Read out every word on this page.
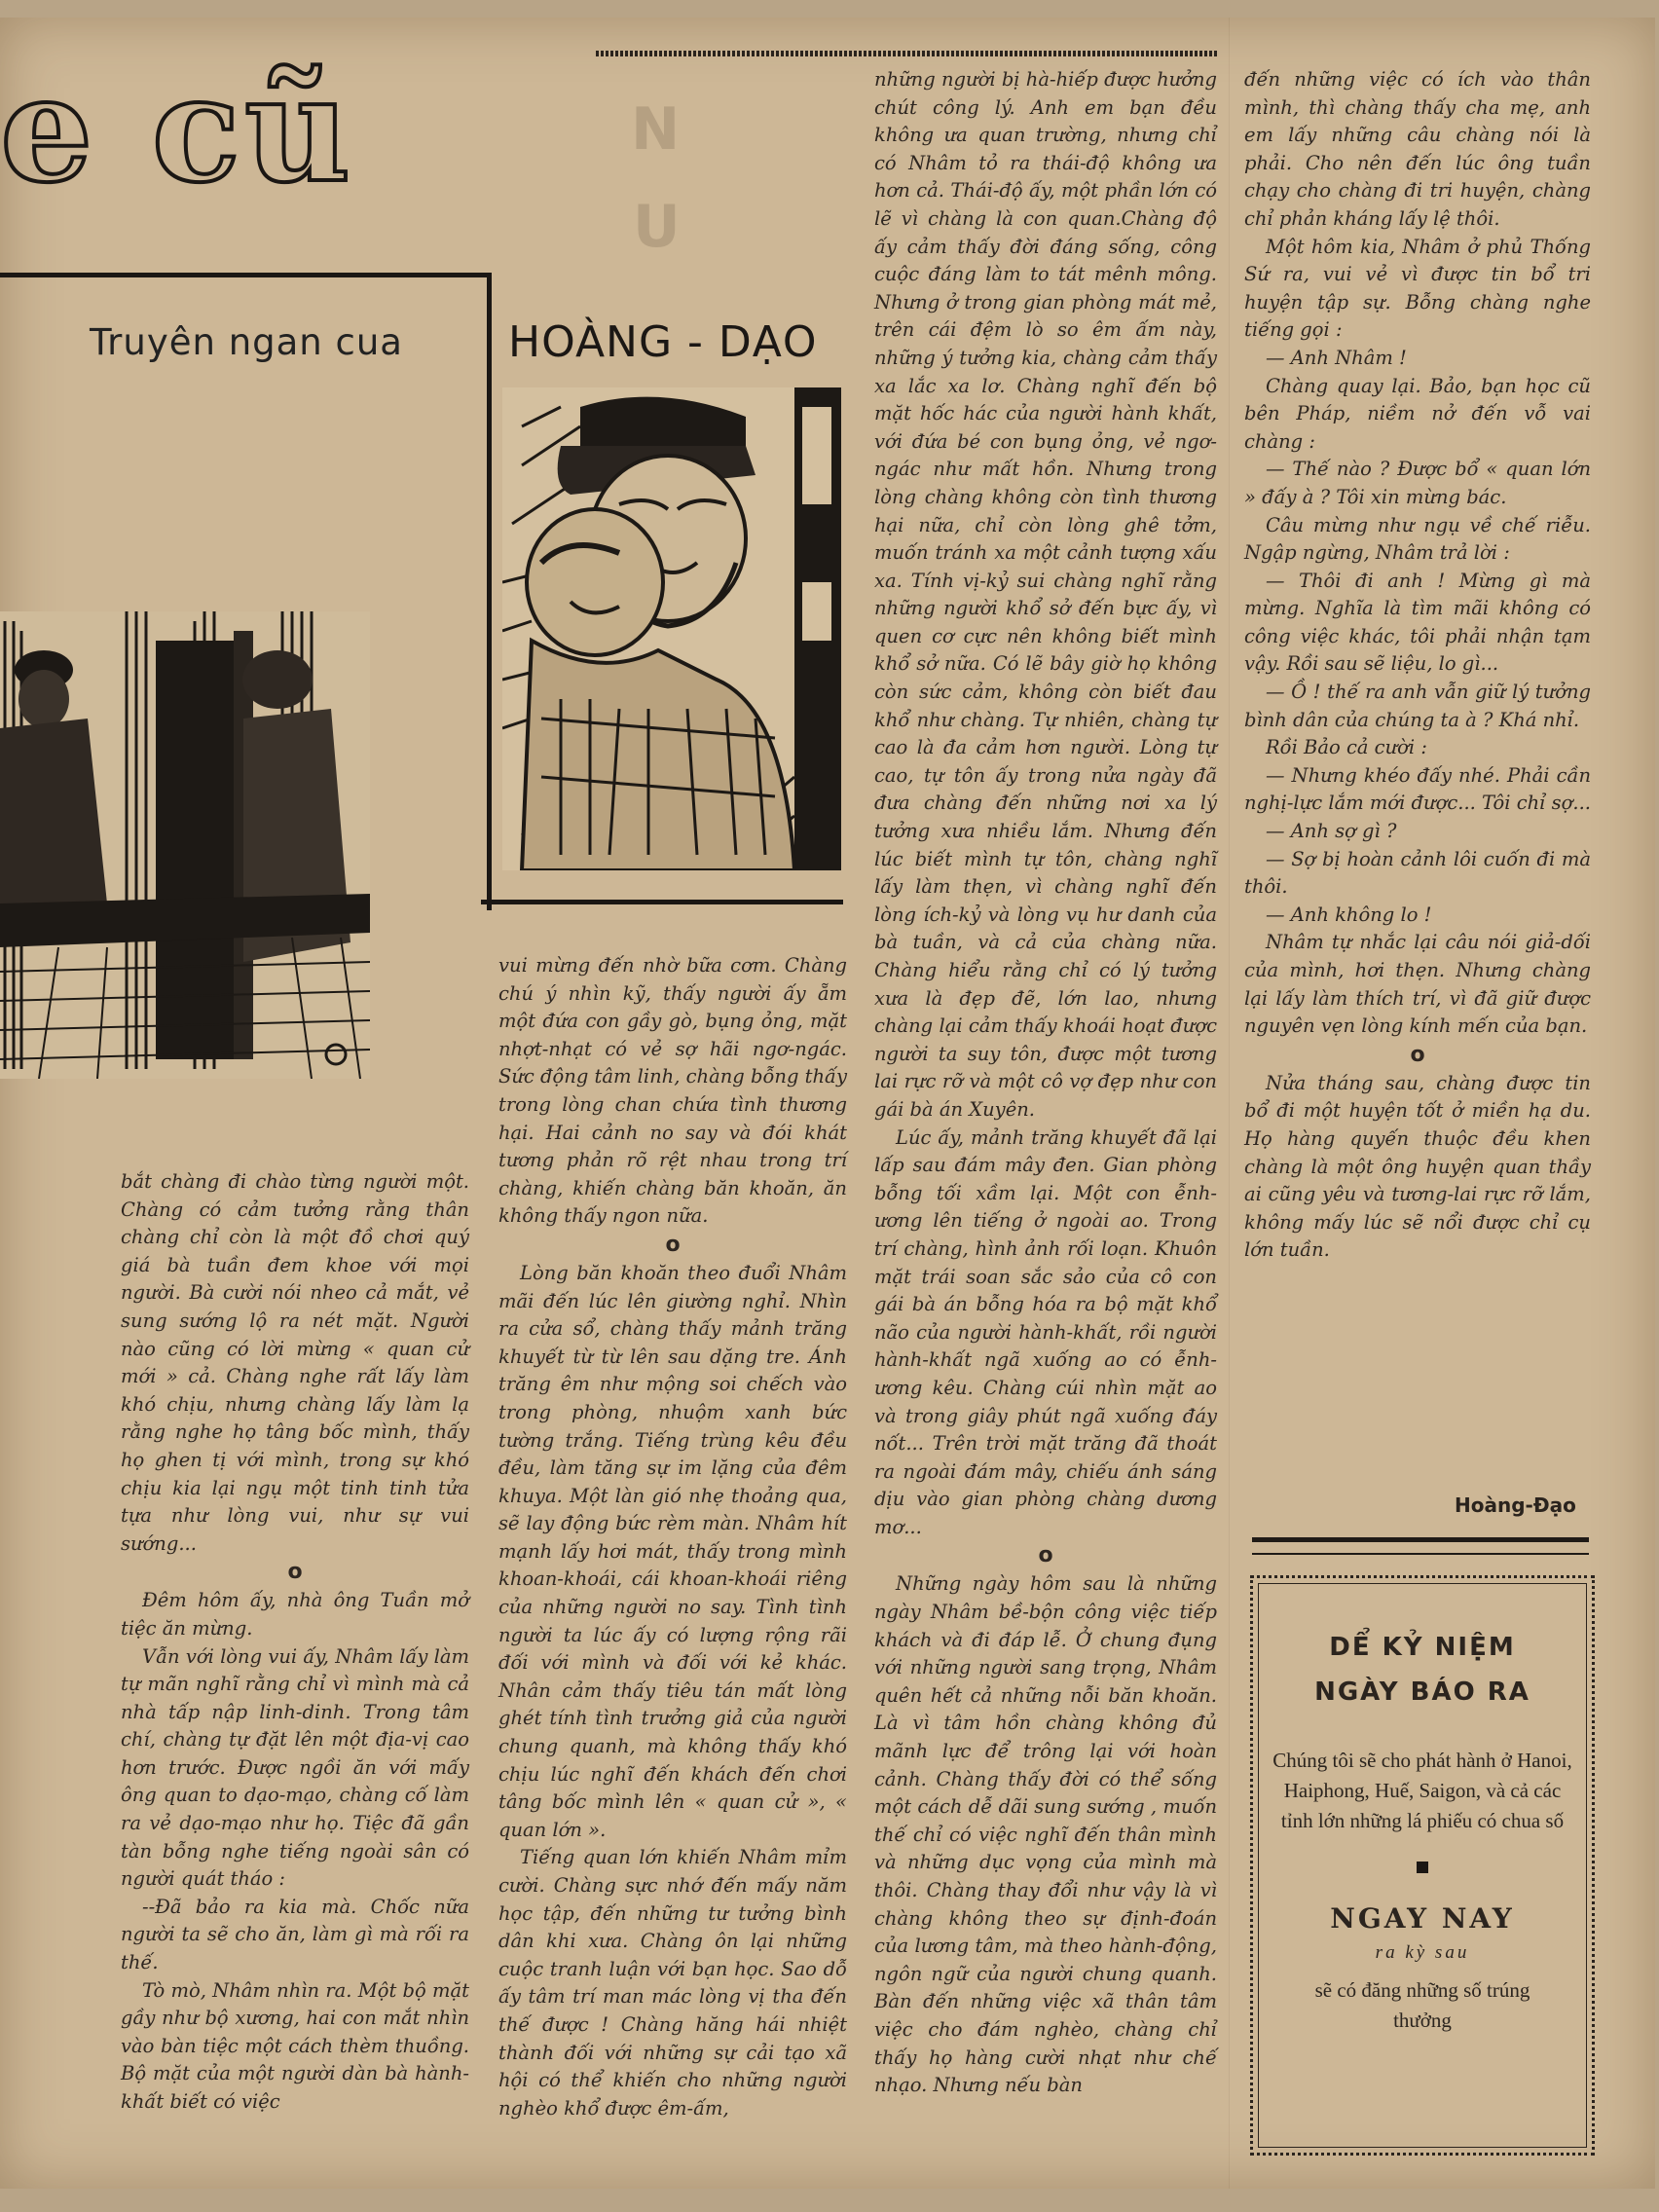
e cũ	N
U
Truyên ngan cua HOÀNG - DẠO

bắt chàng đi chào từng người một. Chàng có cảm tưởng rằng thân chàng chỉ còn là một đồ chơi quý giá bà tuần đem khoe với mọi người. Bà cười nói nheo cả mắt, vẻ sung sướng lộ ra nét mặt. Người nào cũng có lời mừng « quan cử mới » cả. Chàng nghe rất lấy làm khó chịu, nhưng chàng lấy làm lạ rằng nghe họ tâng bốc mình, thấy họ ghen tị với mình, trong sự khó chịu kia lại ngụ một tinh tinh tửa tựa như lòng vui, như sự vui sướng...

o

Đêm hôm ấy, nhà ông Tuần mở tiệc ăn mừng.

Vẫn với lòng vui ấy, Nhâm lấy làm tự mãn nghĩ rằng chỉ vì mình mà cả nhà tấp nập linh-dinh. Trong tâm chí, chàng tự đặt lên một địa-vị cao hơn trước. Được ngồi ăn với mấy ông quan to dạo-mạo, chàng cố làm ra vẻ dạo-mạo như họ. Tiệc đã gần tàn bỗng nghe tiếng ngoài sân có người quát tháo :

--Đã bảo ra kia mà. Chốc nữa người ta sẽ cho ăn, làm gì mà rối ra thế.

Tò mò, Nhâm nhìn ra. Một bộ mặt gầy như bộ xương, hai con mắt nhìn vào bàn tiệc một cách thèm thuồng. Bộ mặt của một người dàn bà hành-khất biết có việc

vui mừng đến nhờ bữa cơm. Chàng chú ý nhìn kỹ, thấy người ấy ẵm một đứa con gầy gò, bụng ỏng, mặt nhợt-nhạt có vẻ sợ hãi ngơ-ngác. Sức động tâm linh, chàng bỗng thấy trong lòng chan chứa tình thương hại. Hai cảnh no say và đói khát tương phản rõ rệt nhau trong trí chàng, khiến chàng băn khoăn, ăn không thấy ngon nữa.

o

Lòng băn khoăn theo đuổi Nhâm mãi đến lúc lên giường nghỉ. Nhìn ra cửa sổ, chàng thấy mảnh trăng khuyết từ từ lên sau dặng tre. Ánh trăng êm như mộng soi chếch vào trong phòng, nhuộm xanh bức tường trắng. Tiếng trùng kêu đều đều, làm tăng sự im lặng của đêm khuya. Một làn gió nhẹ thoảng qua, sẽ lay động bức rèm màn. Nhâm hít mạnh lấy hơi mát, thấy trong mình khoan-khoái, cái khoan-khoái riêng của những người no say. Tình tình người ta lúc ấy có lượng rộng rãi đối với mình và đối với kẻ khác. Nhân cảm thấy tiêu tán mất lòng ghét tính tình trưởng giả của người chung quanh, mà không thấy khó chịu lúc nghĩ đến khách đến chơi tâng bốc mình lên « quan cử », « quan lớn ».

Tiếng quan lớn khiến Nhâm mỉm cười. Chàng sực nhớ đến mấy năm học tập, đến những tư tưởng bình dân khi xưa. Chàng ôn lại những cuộc tranh luận với bạn học. Sao dỗ ấy tâm trí man mác lòng vị tha đến thế được ! Chàng hăng hái nhiệt thành đối với những sự cải tạo xã hội có thể khiến cho những người nghèo khổ được êm-ấm,

những người bị hà-hiếp được hưởng chút công lý. Anh em bạn đều không ưa quan trường, nhưng chỉ có Nhâm tỏ ra thái-độ không ưa hơn cả. Thái-độ ấy, một phần lớn có lẽ vì chàng là con quan.Chàng độ ấy cảm thấy đời đáng sống, công cuộc đáng làm to tát mênh mông. Nhưng ở trong gian phòng mát mẻ, trên cái đệm lò so êm ấm này, những ý tưởng kia, chàng cảm thấy xa lắc xa lơ. Chàng nghĩ đến bộ mặt hốc hác của người hành khất, với đứa bé con bụng ỏng, vẻ ngơ-ngác như mất hồn. Nhưng trong lòng chàng không còn tình thương hại nữa, chỉ còn lòng ghê tởm, muốn tránh xa một cảnh tượng xấu xa. Tính vị-kỷ sui chàng nghĩ rằng những người khổ sở đến bực ấy, vì quen cơ cực nên không biết mình khổ sở nữa. Có lẽ bây giờ họ không còn sức cảm, không còn biết đau khổ như chàng. Tự nhiên, chàng tự cao là đa cảm hơn người. Lòng tự cao, tự tôn ấy trong nửa ngày đã đưa chàng đến những nơi xa lý tưởng xưa nhiều lắm. Nhưng đến lúc biết mình tự tôn, chàng nghĩ lấy làm thẹn, vì chàng nghĩ đến lòng ích-kỷ và lòng vụ hư danh của bà tuần, và cả của chàng nữa. Chàng hiểu rằng chỉ có lý tưởng xưa là đẹp đẽ, lớn lao, nhưng chàng lại cảm thấy khoái hoạt được người ta suy tôn, được một tương lai rực rỡ và một cô vợ đẹp như con gái bà án Xuyên.

Lúc ấy, mảnh trăng khuyết đã lại lấp sau đám mây đen. Gian phòng bỗng tối xầm lại. Một con ễnh-ương lên tiếng ở ngoài ao. Trong trí chàng, hình ảnh rối loạn. Khuôn mặt trái soan sắc sảo của cô con gái bà án bỗng hóa ra bộ mặt khổ não của người hành-khất, rồi người hành-khất ngã xuống ao có ễnh-ương kêu. Chàng cúi nhìn mặt ao và trong giây phút ngã xuống đáy nốt... Trên trời mặt trăng đã thoát ra ngoài đám mây, chiếu ánh sáng dịu vào gian phòng chàng dương mơ...

o

Những ngày hôm sau là những ngày Nhâm bề-bộn công việc tiếp khách và đi đáp lễ. Ở chung đụng với những người sang trọng, Nhâm quên hết cả những nỗi băn khoăn. Là vì tâm hồn chàng không đủ mãnh lực để trông lại với hoàn cảnh. Chàng thấy đời có thể sống một cách dễ dãi sung sướng , muốn thế chỉ có việc nghĩ đến thân mình và những dục vọng của mình mà thôi. Chàng thay đổi như vậy là vì chàng không theo sự định-đoán của lương tâm, mà theo hành-động, ngôn ngữ của người chung quanh. Bàn đến những việc xã thân tâm việc cho đám nghèo, chàng chỉ thấy họ hàng cười nhạt như chế nhạo. Nhưng nếu bàn

đến những việc có ích vào thân mình, thì chàng thấy cha mẹ, anh em lấy những câu chàng nói là phải. Cho nên đến lúc ông tuần chạy cho chàng đi tri huyện, chàng chỉ phản kháng lấy lệ thôi.

Một hôm kia, Nhâm ở phủ Thống Sứ ra, vui vẻ vì được tin bổ tri huyện tập sự. Bỗng chàng nghe tiếng gọi :

— Anh Nhâm !

Chàng quay lại. Bảo, bạn học cũ bên Pháp, niềm nở đến vỗ vai chàng :

— Thế nào ? Được bổ « quan lớn » đấy à ? Tôi xin mừng bác.

Câu mừng như ngụ về chế riễu. Ngập ngừng, Nhâm trả lời :

— Thôi đi anh ! Mừng gì mà mừng. Nghĩa là tìm mãi không có công việc khác, tôi phải nhận tạm vậy. Rồi sau sẽ liệu, lo gì...

— Ồ ! thế ra anh vẫn giữ lý tưởng bình dân của chúng ta à ? Khá nhỉ.

Rồi Bảo cả cười :

— Nhưng khéo đấy nhé. Phải cần nghị-lực lắm mới được... Tôi chỉ sợ...

— Anh sợ gì ?

— Sợ bị hoàn cảnh lôi cuốn đi mà thôi.

— Anh không lo !

Nhâm tự nhắc lại câu nói giả-dối của mình, hơi thẹn. Nhưng chàng lại lấy làm thích trí, vì đã giữ được nguyên vẹn lòng kính mến của bạn.

o

Nửa tháng sau, chàng được tin bổ đi một huyện tốt ở miền hạ du. Họ hàng quyến thuộc đều khen chàng là một ông huyện quan thầy ai cũng yêu và tương-lai rực rỡ lắm, không mấy lúc sẽ nổi được chỉ cụ lớn tuần.

Hoàng-Đạo
DỂ KỶ NIỆM
NGÀY BÁO RA
Chúng tôi sẽ cho phát hành ở Hanoi, Haiphong, Huế, Saigon, và cả các tỉnh lớn những lá phiếu có chua số
NGAY NAY
ra kỳ sau
sẽ có đăng những số trúng thưởng
